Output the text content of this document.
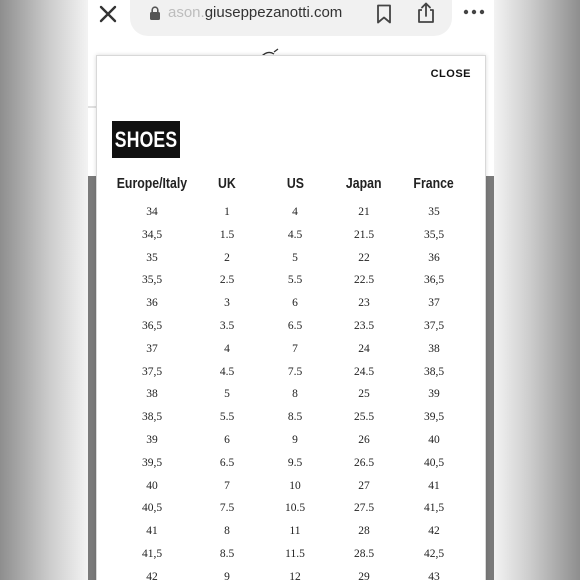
ason.giuseppezanotti.com
CLOSE
SHOES
Europe/Italy	UK	US	Japan	France
34	1	4	21	35
34,5	1.5	4.5	21.5	35,5
35	2	5	22	36
35,5	2.5	5.5	22.5	36,5
36	3	6	23	37
36,5	3.5	6.5	23.5	37,5
37	4	7	24	38
37,5	4.5	7.5	24.5	38,5
38	5	8	25	39
38,5	5.5	8.5	25.5	39,5
39	6	9	26	40
39,5	6.5	9.5	26.5	40,5
40	7	10	27	41
40,5	7.5	10.5	27.5	41,5
41	8	11	28	42
41,5	8.5	11.5	28.5	42,5
42	9	12	29	43
